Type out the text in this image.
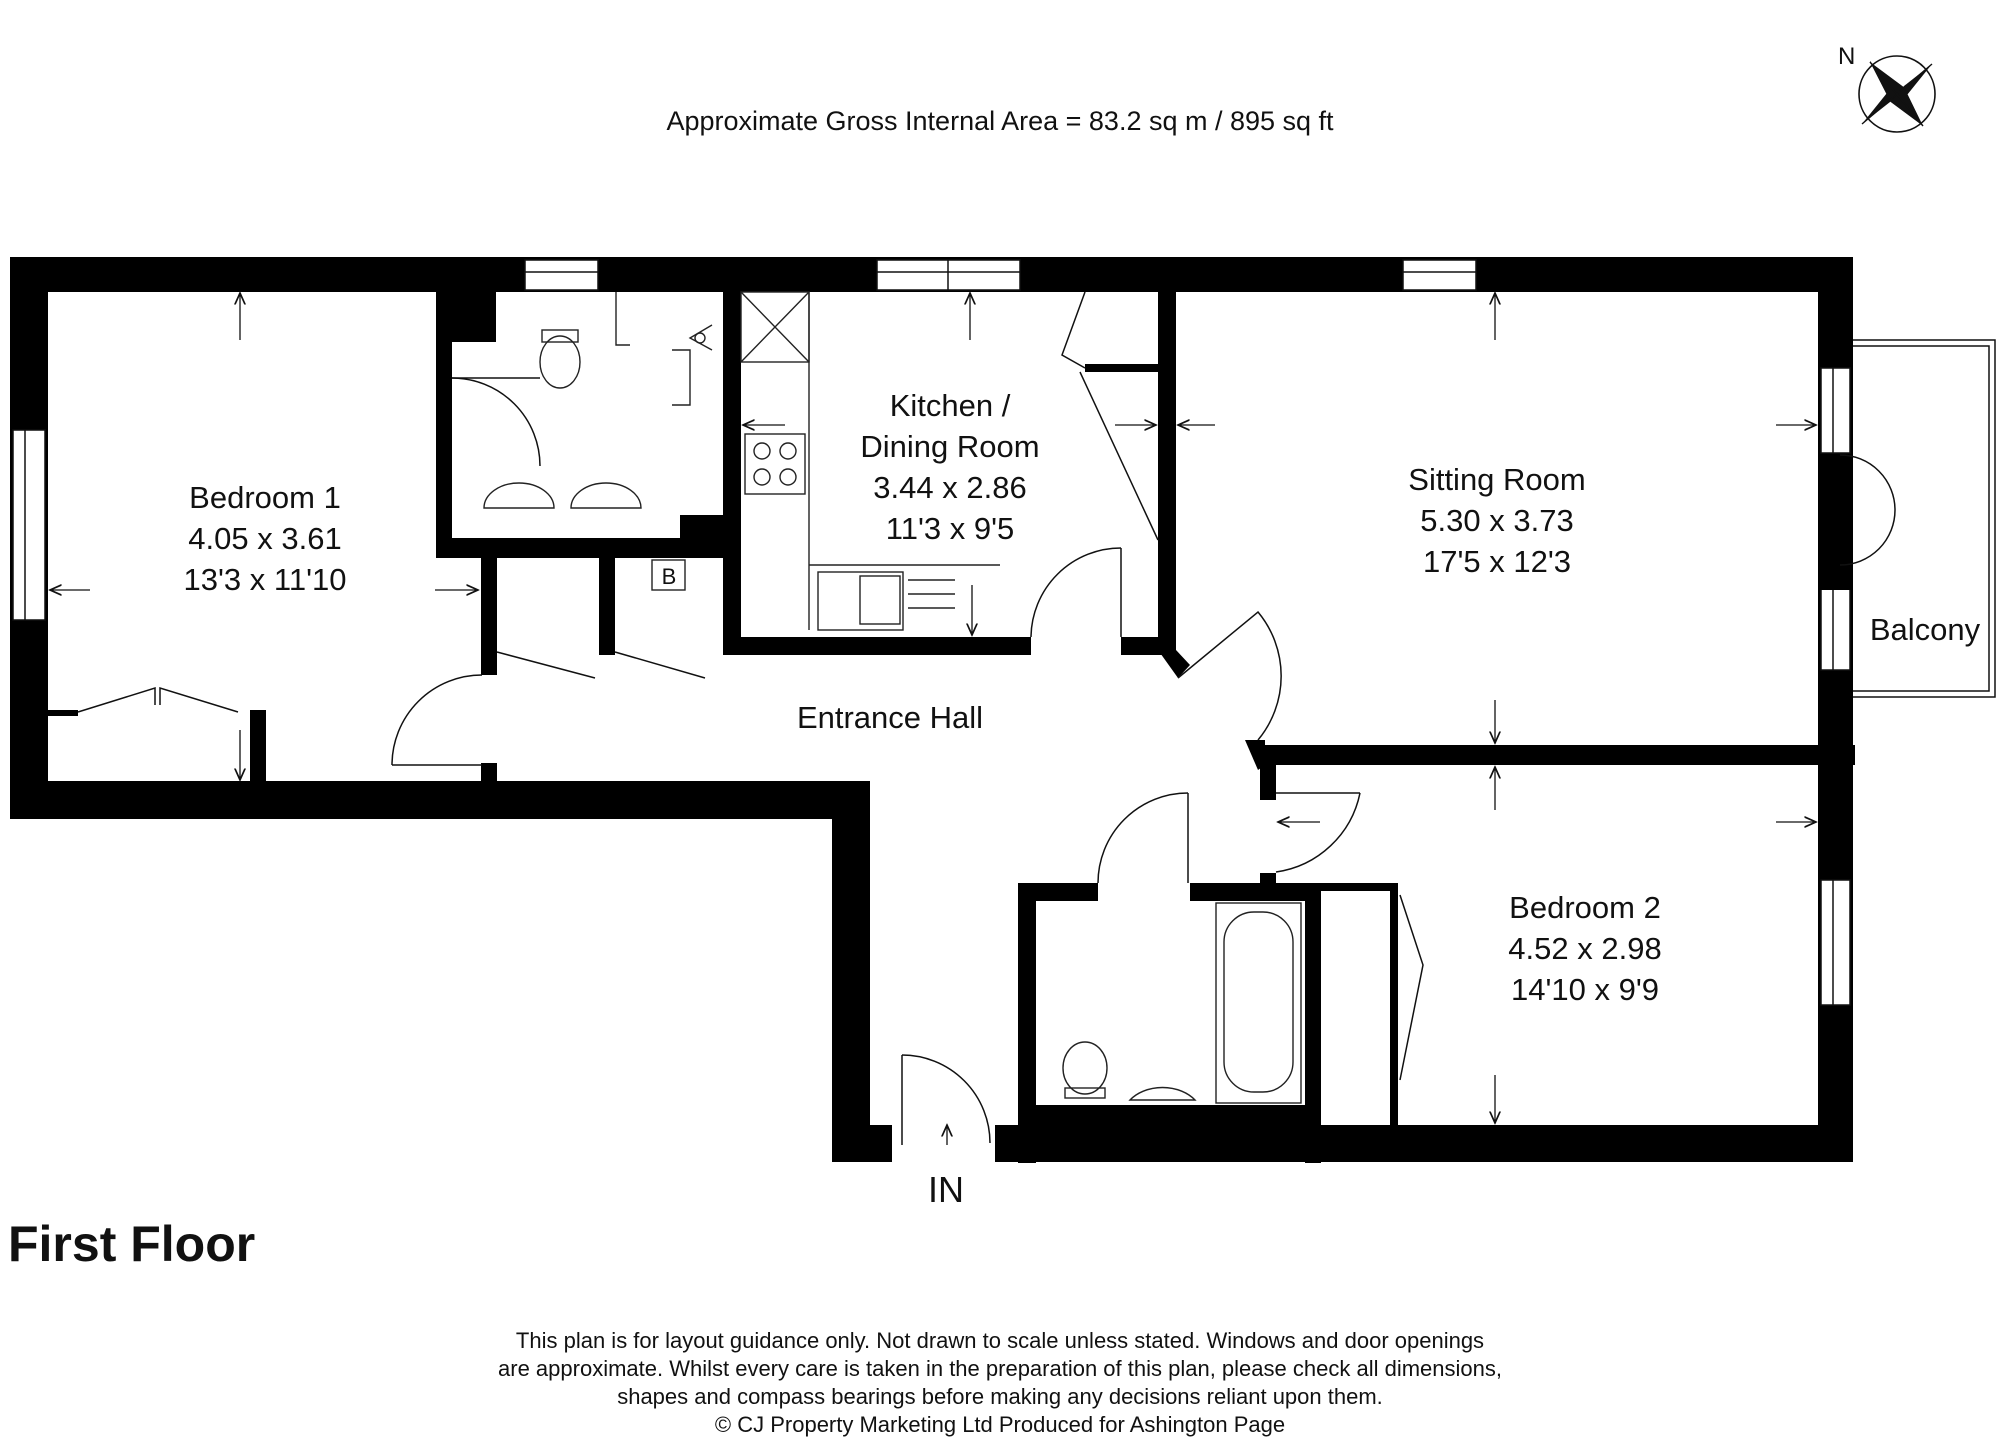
Approximate Gross Internal Area = 83.2 sq m / 895 sq ft
N
Bedroom 1
4.05 x 3.61
13'3 x 11'10
Kitchen /
Dining Room
3.44 x 2.86
11'3 x 9'5
Sitting Room
5.30 x 3.73
17'5 x 12'3
Bedroom 2
4.52 x 2.98
14'10 x 9'9
Entrance Hall
Balcony
B
IN
First Floor
This plan is for layout guidance only. Not drawn to scale unless stated. Windows and door openings
are approximate. Whilst every care is taken in the preparation of this plan, please check all dimensions,
shapes and compass bearings before making any decisions reliant upon them.
© CJ Property Marketing Ltd Produced for Ashington Page
